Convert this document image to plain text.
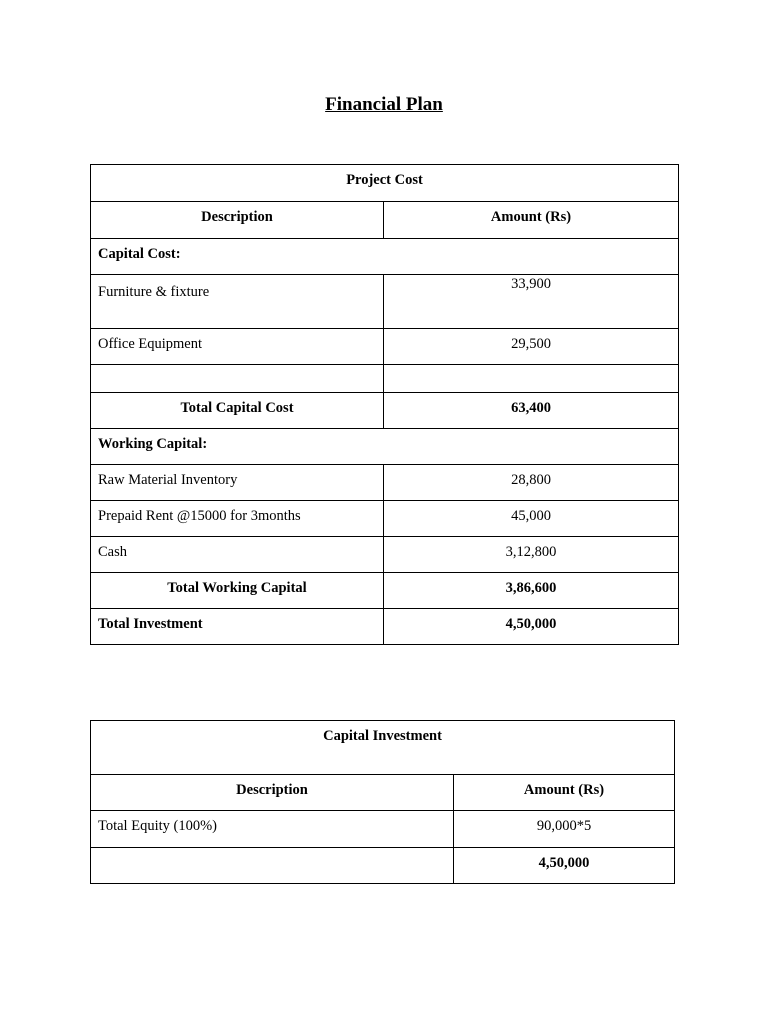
Financial Plan
Project Cost	

Description	Amount (Rs)

Capital Cost:	

Furniture & fixture	33,900

Office Equipment	29,500

Total Capital Cost	63,400

Working Capital:	

Raw Material Inventory	28,800

Prepaid Rent @15000 for 3months	45,000

Cash	3,12,800

Total Working Capital	3,86,600

Total Investment	4,50,000
Capital Investment	

Description	Amount (Rs)

Total Equity (100%)	90,000*5

	4,50,000
